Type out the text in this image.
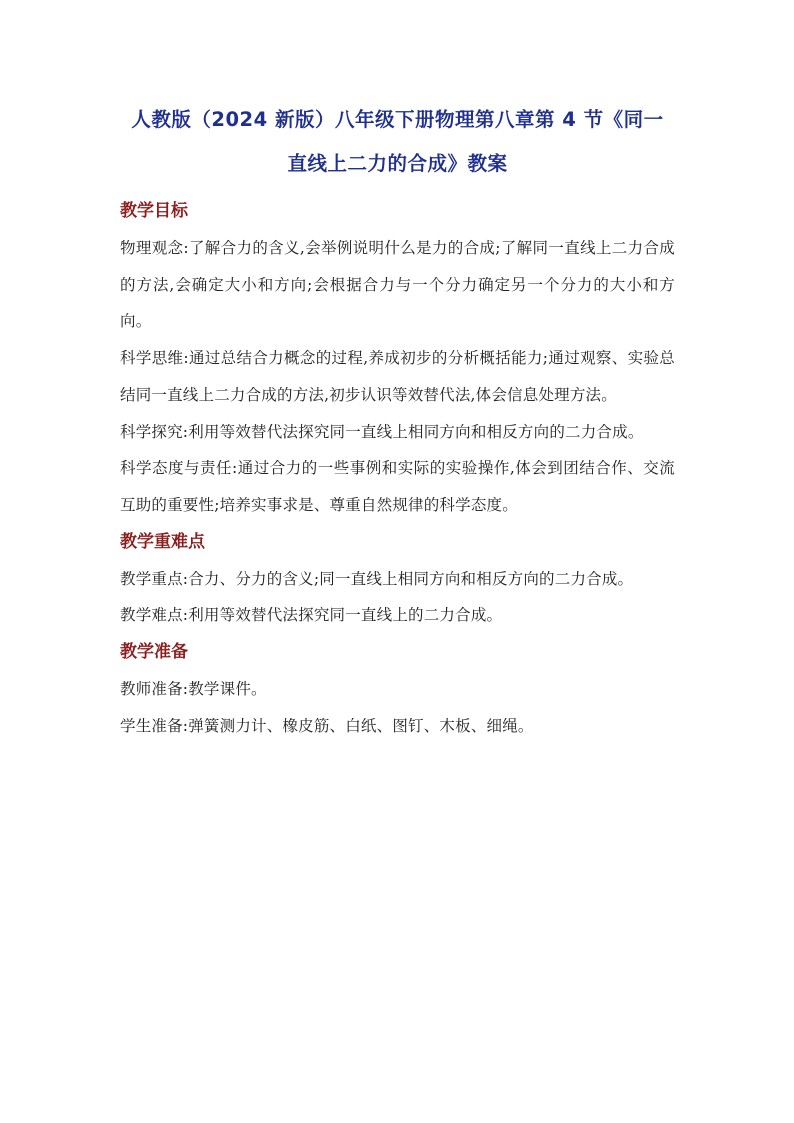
人教版（2024 新版）八年级下册物理第八章第 4 节《同一

直线上二力的合成》教案

教学目标

物理观念:了解合力的含义,会举例说明什么是力的合成;了解同一直线上二力合成的方法,会确定大小和方向;会根据合力与一个分力确定另一个分力的大小和方向。

科学思维:通过总结合力概念的过程,养成初步的分析概括能力;通过观察、实验总结同一直线上二力合成的方法,初步认识等效替代法,体会信息处理方法。

科学探究:利用等效替代法探究同一直线上相同方向和相反方向的二力合成。

科学态度与责任:通过合力的一些事例和实际的实验操作,体会到团结合作、交流互助的重要性;培养实事求是、尊重自然规律的科学态度。

教学重难点

教学重点:合力、分力的含义;同一直线上相同方向和相反方向的二力合成。

教学难点:利用等效替代法探究同一直线上的二力合成。

教学准备

教师准备:教学课件。

学生准备:弹簧测力计、橡皮筋、白纸、图钉、木板、细绳。
